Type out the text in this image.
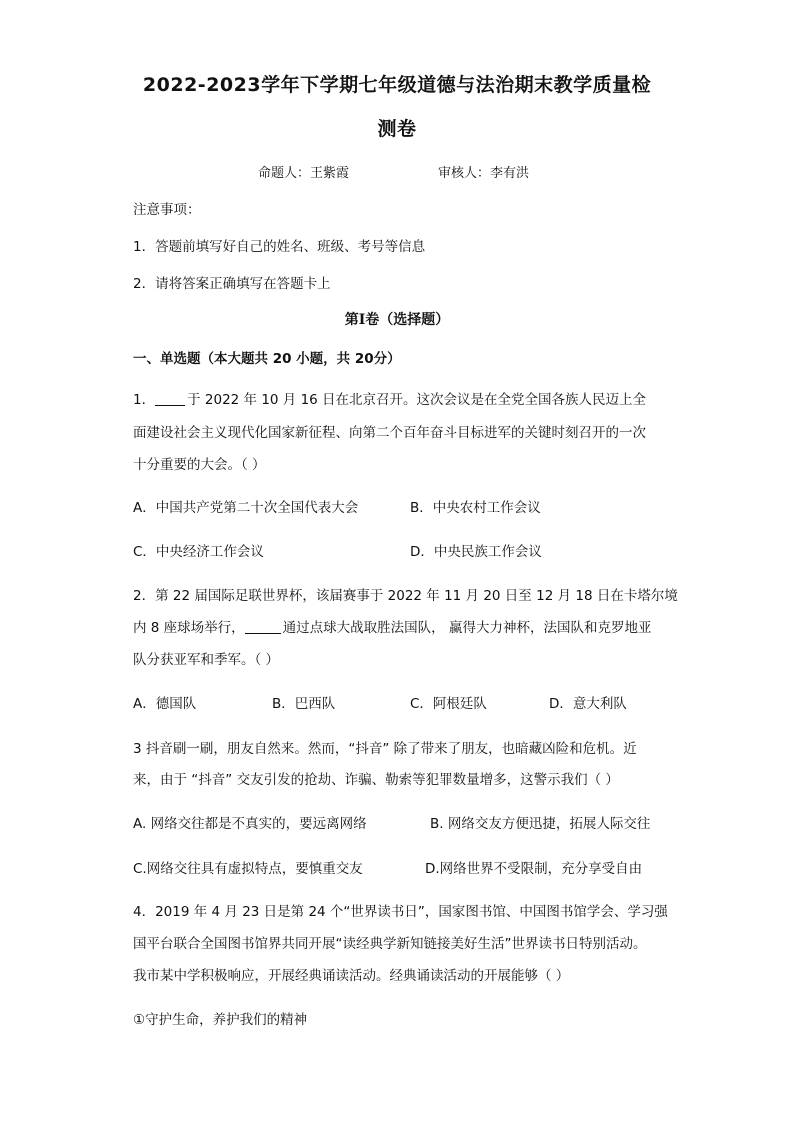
2022-2023学年下学期七年级道德与法治期末教学质量检
测卷
命题人：王紫霞	审核人：李有洪
注意事项：
1．答题前填写好自己的姓名、班级、考号等信息
2．请将答案正确填写在答题卡上
第I卷（选择题）
一、单选题（本大题共 20 小题，共 20分）
1． 于 2022 年 10 月 16 日在北京召开。这次会议是在全党全国各族人民迈上全
面建设社会主义现代化国家新征程、向第二个百年奋斗目标进军的关键时刻召开的一次
十分重要的大会。（ ）
A．中国共产党第二十次全国代表大会	B．中央农村工作会议
C．中央经济工作会议	D．中央民族工作会议
2．第 22 届国际足联世界杯，该届赛事于 2022 年 11 月 20 日至 12 月 18 日在卡塔尔境
内 8 座球场举行，	通过点球大战取胜法国队， 赢得大力神杯，法国队和克罗地亚
队分获亚军和季军。（ ）
A．德国队	B．巴西队	C．阿根廷队	D．意大利队
3 抖音刷一刷，朋友自然来。然而，“抖音” 除了带来了朋友，也暗藏凶险和危机。近
来，由于 “抖音” 交友引发的抢劫、诈骗、勒索等犯罪数量增多，这警示我们（ ）
A. 网络交往都是不真实的，要远离网络	B. 网络交友方便迅捷，拓展人际交往
C.网络交往具有虚拟特点，要慎重交友	D.网络世界不受限制，充分享受自由
4．2019 年 4 月 23 日是第 24 个“世界读书日”，国家图书馆、中国图书馆学会、学习强
国平台联合全国图书馆界共同开展“读经典学新知链接美好生活”世界读书日特别活动。
我市某中学积极响应，开展经典诵读活动。经典诵读活动的开展能够（ ）
①守护生命，养护我们的精神
